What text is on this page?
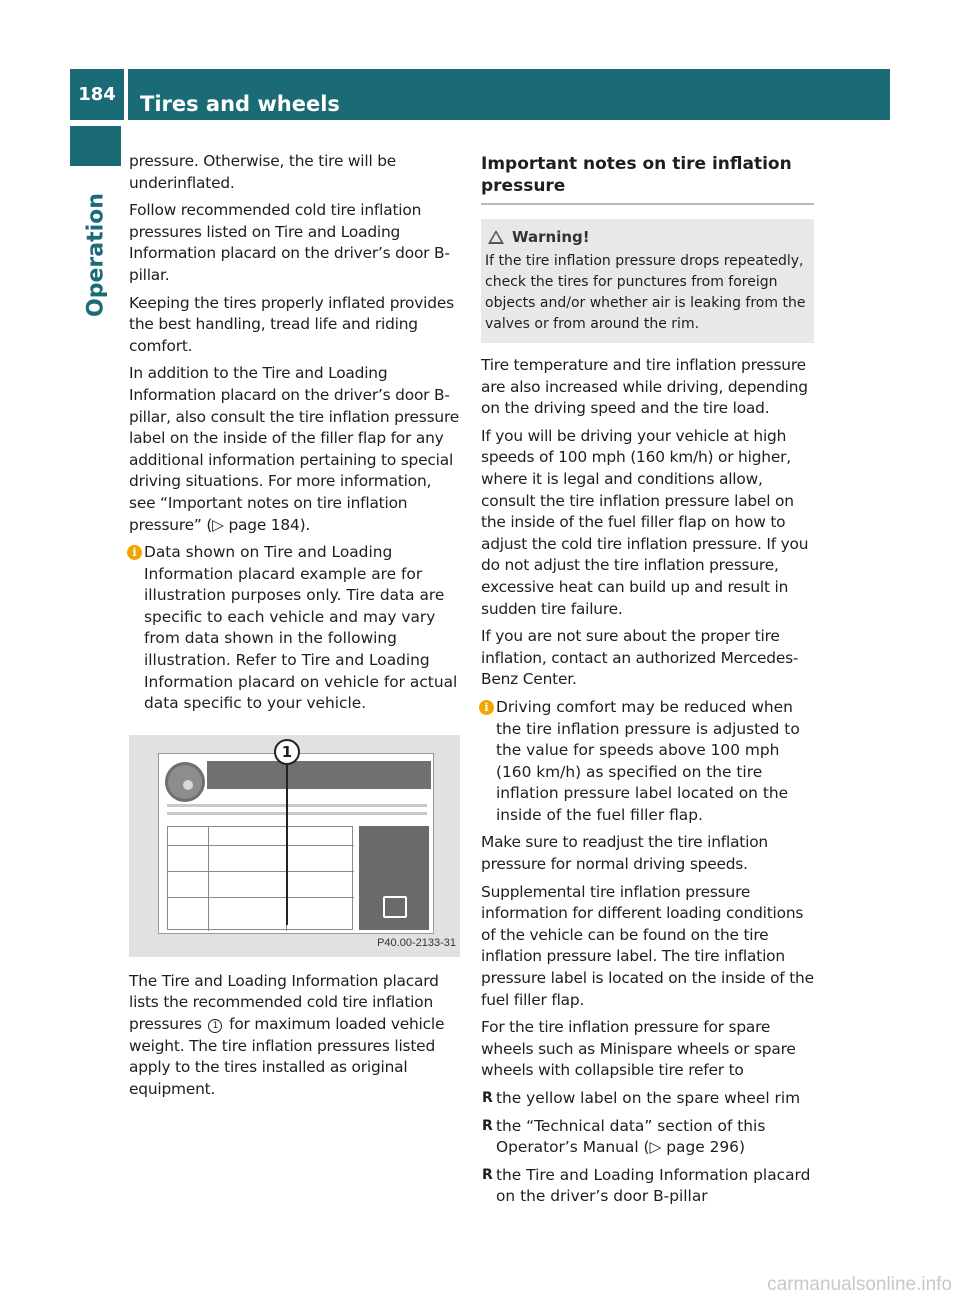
184	Tires and wheels
Operation

pressure. Otherwise, the tire will be underinflated.

Follow recommended cold tire inflation pressures listed on Tire and Loading Information placard on the driver’s door B-pillar.

Keeping the tires properly inflated provides the best handling, tread life and riding comfort.

In addition to the Tire and Loading Information placard on the driver’s door B-pillar, also consult the tire inflation pressure label on the inside of the filler flap for any additional information pertaining to special driving situations. For more information, see “Important notes on tire inflation pressure” (▷ page 184).

i Data shown on Tire and Loading Information placard example are for illustration purposes only. Tire data are specific to each vehicle and may vary from data shown in the following illustration. Refer to Tire and Loading Information placard on vehicle for actual data specific to your vehicle.
1
P40.00-2133-31

The Tire and Loading Information placard lists the recommended cold tire inflation pressures 1 for maximum loaded vehicle weight. The tire inflation pressures listed apply to the tires installed as original equipment.

Important notes on tire inflation pressure
Warning!
If the tire inflation pressure drops repeatedly, check the tires for punctures from foreign objects and/or whether air is leaking from the valves or from around the rim.

Tire temperature and tire inflation pressure are also increased while driving, depending on the driving speed and the tire load.

If you will be driving your vehicle at high speeds of 100 mph (160 km/h) or higher, where it is legal and conditions allow, consult the tire inflation pressure label on the inside of the fuel filler flap on how to adjust the cold tire inflation pressure. If you do not adjust the tire inflation pressure, excessive heat can build up and result in sudden tire failure.

If you are not sure about the proper tire inflation, contact an authorized Mercedes-Benz Center.

i Driving comfort may be reduced when the tire inflation pressure is adjusted to the value for speeds above 100 mph (160 km/h) as specified on the tire inflation pressure label located on the inside of the fuel filler flap.

Make sure to readjust the tire inflation pressure for normal driving speeds.

Supplemental tire inflation pressure information for different loading conditions of the vehicle can be found on the tire inflation pressure label. The tire inflation pressure label is located on the inside of the fuel filler flap.

For the tire inflation pressure for spare wheels such as Minispare wheels or spare wheels with collapsible tire refer to

R the yellow label on the spare wheel rim
R the “Technical data” section of this Operator’s Manual (▷ page 296)
R the Tire and Loading Information placard on the driver’s door B-pillar
carmanualsonline.info
